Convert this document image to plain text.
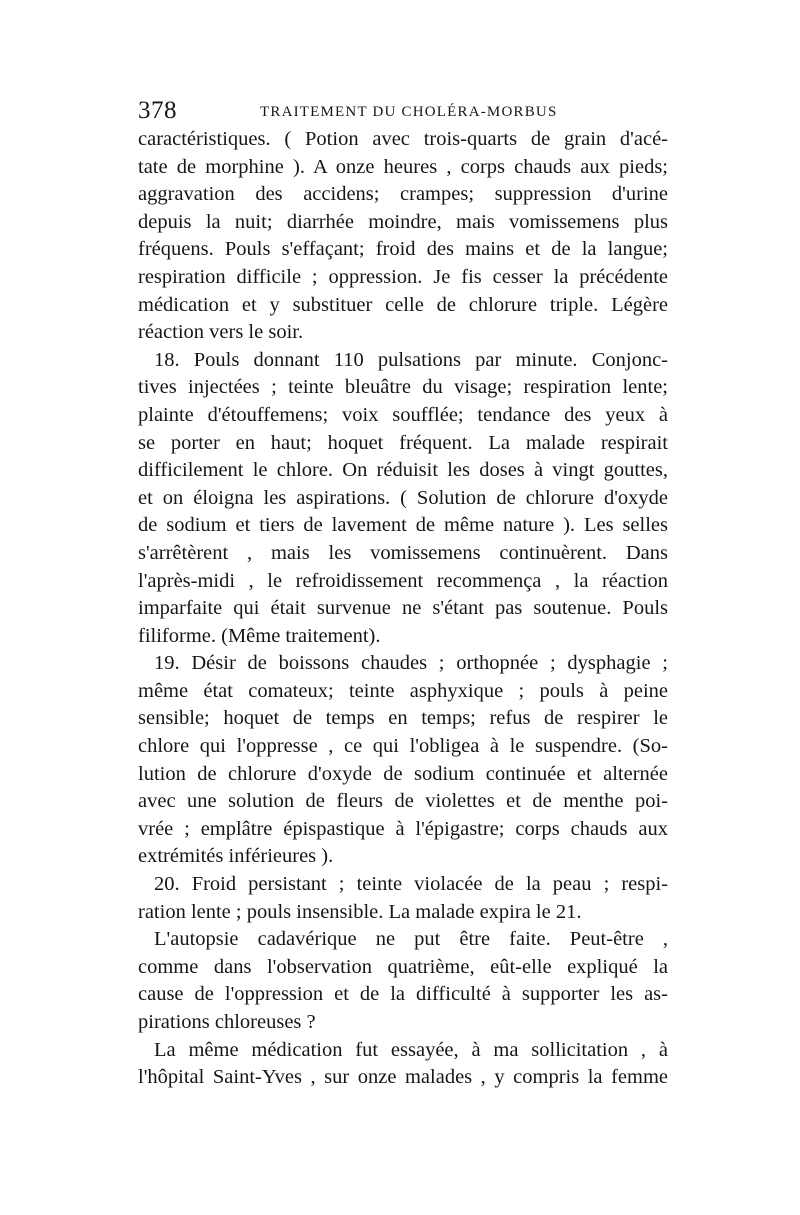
378	TRAITEMENT DU CHOLÉRA-MORBUS
caractéristiques. ( Potion avec trois-quarts de grain d'acé-
tate de morphine ). A onze heures , corps chauds aux pieds;
aggravation des accidens; crampes; suppression d'urine
depuis la nuit; diarrhée moindre, mais vomissemens plus
fréquens. Pouls s'effaçant; froid des mains et de la langue;
respiration difficile ; oppression. Je fis cesser la précédente
médication et y substituer celle de chlorure triple. Légère
réaction vers le soir.
18. Pouls donnant 110 pulsations par minute. Conjonc-
tives injectées ; teinte bleuâtre du visage; respiration lente;
plainte d'étouffemens; voix soufflée; tendance des yeux à
se porter en haut; hoquet fréquent. La malade respirait
difficilement le chlore. On réduisit les doses à vingt gouttes,
et on éloigna les aspirations. ( Solution de chlorure d'oxyde
de sodium et tiers de lavement de même nature ). Les selles
s'arrêtèrent , mais les vomissemens continuèrent. Dans
l'après-midi , le refroidissement recommença , la réaction
imparfaite qui était survenue ne s'étant pas soutenue. Pouls
filiforme. (Même traitement).
19. Désir de boissons chaudes ; orthopnée ; dysphagie ;
même état comateux; teinte asphyxique ; pouls à peine
sensible; hoquet de temps en temps; refus de respirer le
chlore qui l'oppresse , ce qui l'obligea à le suspendre. (So-
lution de chlorure d'oxyde de sodium continuée et alternée
avec une solution de fleurs de violettes et de menthe poi-
vrée ; emplâtre épispastique à l'épigastre; corps chauds aux
extrémités inférieures ).
20. Froid persistant ; teinte violacée de la peau ; respi-
ration lente ; pouls insensible. La malade expira le 21.
L'autopsie cadavérique ne put être faite. Peut-être ,
comme dans l'observation quatrième, eût-elle expliqué la
cause de l'oppression et de la difficulté à supporter les as-
pirations chloreuses ?
La même médication fut essayée, à ma sollicitation , à
l'hôpital Saint-Yves , sur onze malades , y compris la femme
